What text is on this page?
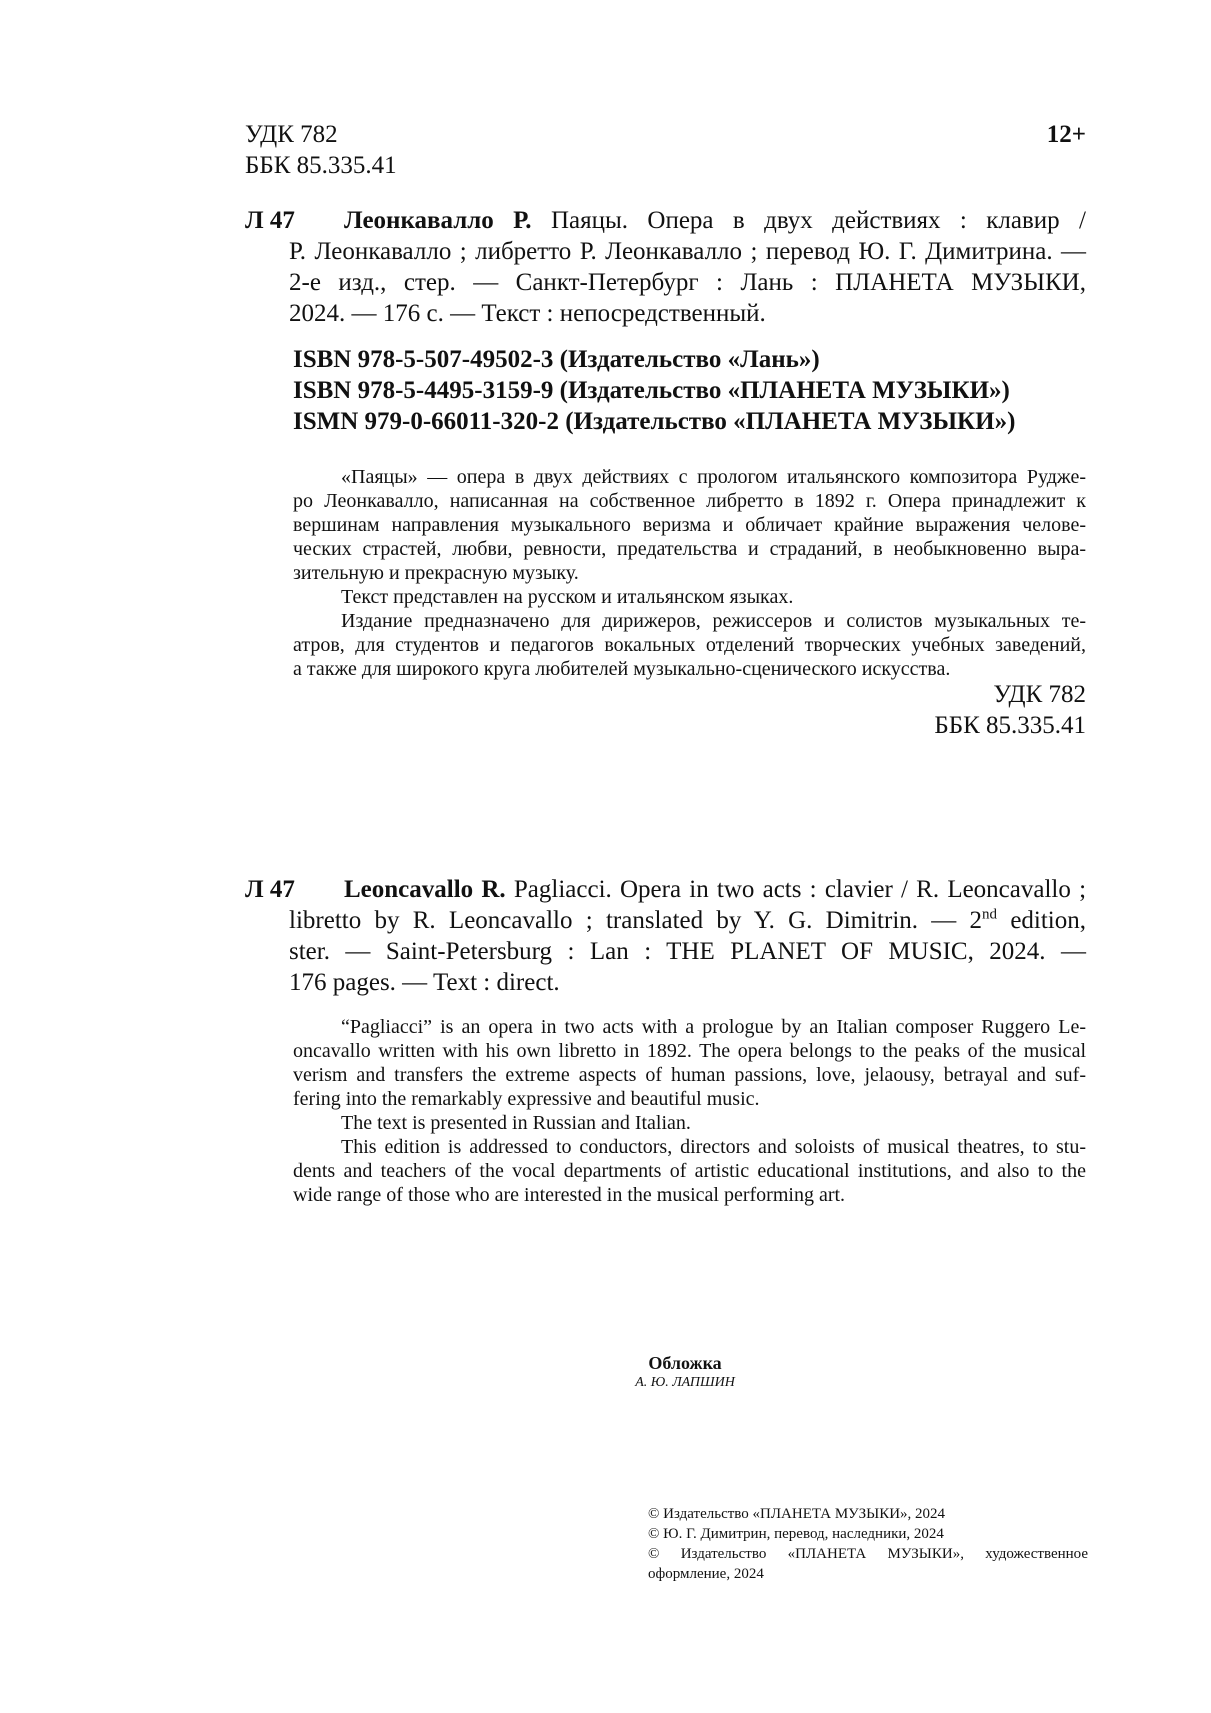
УДК 782
ББК 85.335.41
12+
Л 47	Леонкавалло Р. Паяцы. Опера в двух действиях : клавир /
Р. Леонкавалло ; либретто Р. Леонкавалло ; перевод Ю. Г. Димитрина. —
2-е изд., стер. — Санкт-Петербург : Лань : ПЛАНЕТА МУЗЫКИ,
2024. — 176 с. — Текст : непосредственный.
ISBN 978-5-507-49502-3 (Издательство «Лань»)
ISBN 978-5-4495-3159-9 (Издательство «ПЛАНЕТА МУЗЫКИ»)
ISMN 979-0-66011-320-2 (Издательство «ПЛАНЕТА МУЗЫКИ»)
«Паяцы» — опера в двух действиях с прологом итальянского композитора Рудже-
ро Леонкавалло, написанная на собственное либретто в 1892 г. Опера принадлежит к
вершинам направления музыкального веризма и обличает крайние выражения челове-
ческих страстей, любви, ревности, предательства и страданий, в необыкновенно выра-
зительную и прекрасную музыку.
Текст представлен на русском и итальянском языках.
Издание предназначено для дирижеров, режиссеров и солистов музыкальных те-
атров, для студентов и педагогов вокальных отделений творческих учебных заведений,
а также для широкого круга любителей музыкально-сценического искусства.
УДК 782
ББК 85.335.41
Л 47	Leoncavallo R. Pagliacci. Opera in two acts : clavier / R. Leoncavallo ;
libretto by R. Leoncavallo ; translated by Y. G. Dimitrin. — 2nd edition,
ster. — Saint-Petersburg : Lan : THE PLANET OF MUSIC, 2024. —
176 pages. — Text : direct.
“Pagliacci” is an opera in two acts with a prologue by an Italian composer Ruggero Le-
oncavallo written with his own libretto in 1892. The opera belongs to the peaks of the musical
verism and transfers the extreme aspects of human passions, love, jelaousy, betrayal and suf-
fering into the remarkably expressive and beautiful music.
The text is presented in Russian and Italian.
This edition is addressed to conductors, directors and soloists of musical theatres, to stu-
dents and teachers of the vocal departments of artistic educational institutions, and also to the
wide range of those who are interested in the musical performing art.
Обложка
А. Ю. ЛАПШИН
© Издательство «ПЛАНЕТА МУЗЫКИ», 2024
© Ю. Г. Димитрин, перевод, наследники, 2024
© Издательство «ПЛАНЕТА МУЗЫКИ», художественное
оформление, 2024
